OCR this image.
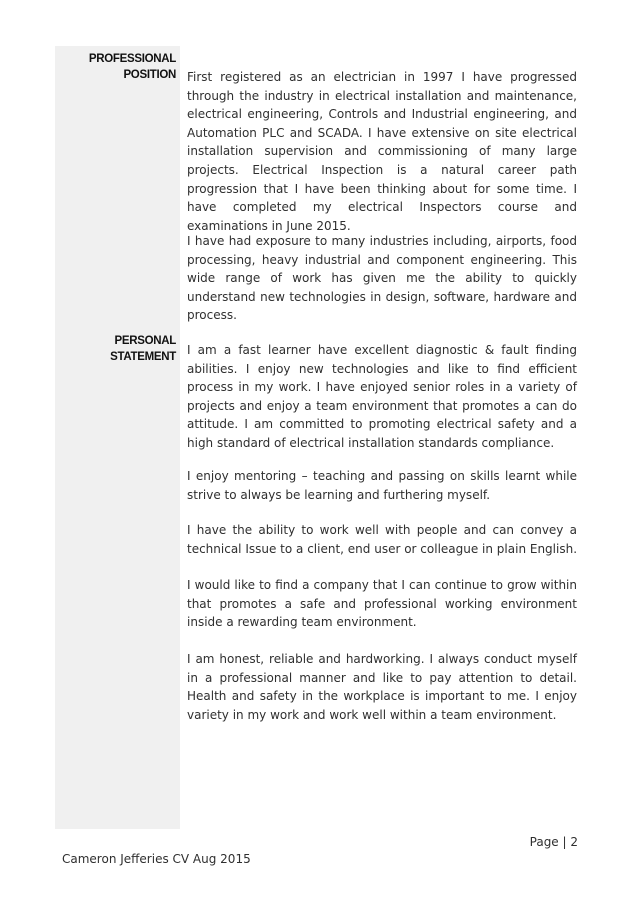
PROFESSIONAL
POSITION
PERSONAL
STATEMENT

First registered as an electrician in 1997 I have progressed through the industry in electrical installation and maintenance, electrical engineering, Controls and Industrial engineering, and Automation PLC and SCADA. I have extensive on site electrical installation supervision and commissioning of many large projects. Electrical Inspection is a natural career path progression that I have been thinking about for some time. I have completed my electrical Inspectors course and examinations in June 2015.

I have had exposure to many industries including, airports, food processing, heavy industrial and component engineering. This wide range of work has given me the ability to quickly understand new technologies in design, software, hardware and process.

I am a fast learner have excellent diagnostic & fault finding abilities. I enjoy new technologies and like to find efficient process in my work. I have enjoyed senior roles in a variety of projects and enjoy a team environment that promotes a can do attitude. I am committed to promoting electrical safety and a high standard of electrical installation standards compliance.

I enjoy mentoring – teaching and passing on skills learnt while strive to always be learning and furthering myself.

I have the ability to work well with people and can convey a technical Issue to a client, end user or colleague in plain English.

I would like to find a company that I can continue to grow within that promotes a safe and professional working environment inside a rewarding team environment.

I am honest, reliable and hardworking. I always conduct myself in a professional manner and like to pay attention to detail. Health and safety in the workplace is important to me. I enjoy variety in my work and work well within a team environment.

Page | 2
Cameron Jefferies CV Aug 2015
